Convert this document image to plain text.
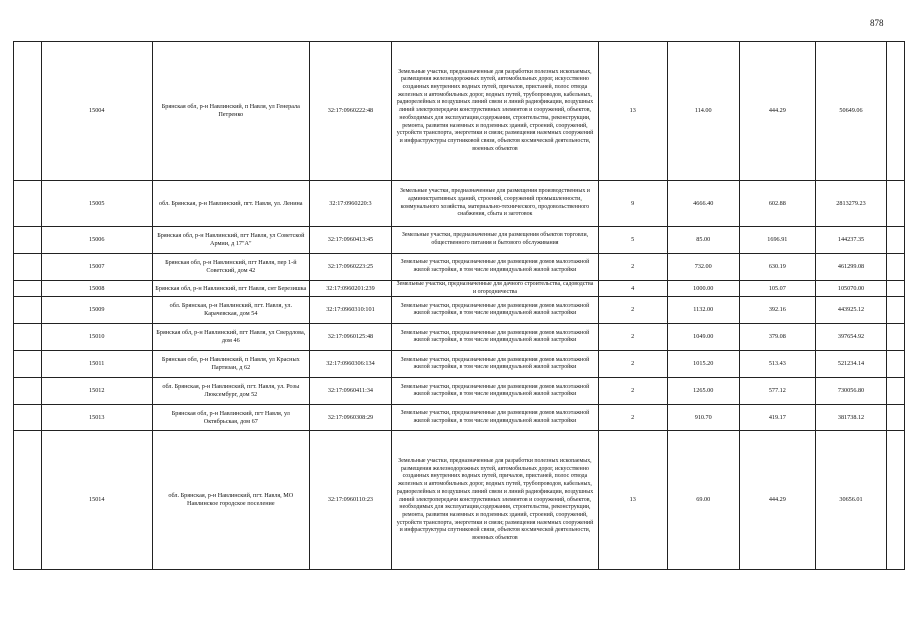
878
	15004	Брянская обл, р-н Навлинский, п Навля, ул Генерала Петренко	32:17:0960222:48	Земельные участки, предназначенные для разработки полезных ископаемых, размещения железнодорожных путей, автомобильных дорог, искусственно созданных внутренних водных путей, причалов, пристаней, полос отвода железных и автомобильных дорог, водных путей, трубопроводов, кабельных, радиорелейных и воздушных линий связи и линий радиофикации, воздушных линий электропередачи конструктивных элементов и сооружений, объектов, необходимых для эксплуатации,содержания, строительства, реконструкции, ремонта, развития наземных и подземных зданий, строений, сооружений, устройств транспорта, энергетики и связи; размещения наземных сооружений и инфраструктуры спутниковой связи, объектов космической деятельности, военных объектов	13	114.00	444.29	50649.06	
	15005	обл. Брянская, р-н Навлинский, пгт. Навля, ул. Ленина	32:17:0960220:3	Земельные участки, предназначенные для размещения производственных и административных зданий, строений, сооружений промышленности, коммунального хозяйства, материально-технического, продовольственного снабжения, сбыта и заготовок	9	4666.40	602.88	2813279.23	
	15006	Брянская обл, р-н Навлинский, пгт Навля, ул Советской Армии, д 17"А"	32:17:0960413:45	Земельные участки, предназначенные для размещения объектов торговли, общественного питания и бытового обслуживания	5	85.00	1696.91	144237.35	
	15007	Брянская обл, р-н Навлинский, пгт Навля, пер 1-й Советский, дом 42	32:17:0960223:25	Земельные участки, предназначенные для размещения домов малоэтажной жилой застройки, в том числе индивидуальной жилой застройки	2	732.00	630.19	461299.08	
	15008	Брянская обл, р-н Навлинский, пгт Навля, снт Березишка	32:17:0960201:239	Земельные участки, предназначенные для дачного строительства, садоводства и огородничества	4	1000.00	105.07	105070.00	
	15009	обл. Брянская, р-н Навлинский, пгт. Навля, ул. Карачевская, дом 54	32:17:0960310:101	Земельные участки, предназначенные для размещения домов малоэтажной жилой застройки, в том числе индивидуальной жилой застройки	2	1132.00	392.16	443925.12	
	15010	Брянская обл, р-н Навлинский, пгт Навля, ул Свердлова, дом 46	32:17:0960125:48	Земельные участки, предназначенные для размещения домов малоэтажной жилой застройки, в том числе индивидуальной жилой застройки	2	1049.00	379.08	397654.92	
	15011	Брянская обл, р-н Навлинский, п Навля, ул Красных Партизан, д 62	32:17:0960306:134	Земельные участки, предназначенные для размещения домов малоэтажной жилой застройки, в том числе индивидуальной жилой застройки	2	1015.20	513.43	521234.14	
	15012	обл. Брянская, р-н Навлинский, пгт. Навля, ул. Розы Люксембург, дом 52	32:17:0960411:34	Земельные участки, предназначенные для размещения домов малоэтажной жилой застройки, в том числе индивидуальной жилой застройки	2	1265.00	577.12	730056.80	
	15013	Брянская обл, р-н Навлинский, пгт Навля, ул Октябрьская, дом 67	32:17:0960308:29	Земельные участки, предназначенные для размещения домов малоэтажной жилой застройки, в том числе индивидуальной жилой застройки	2	910.70	419.17	381738.12	
	15014	обл. Брянская, р-н Навлинский, пгт. Навля, МО Навлинское городское поселение	32:17:0960110:23	Земельные участки, предназначенные для разработки полезных ископаемых, размещения железнодорожных путей, автомобильных дорог, искусственно созданных внутренних водных путей, причалов, пристаней, полос отвода железных и автомобильных дорог, водных путей, трубопроводов, кабельных, радиорелейных и воздушных линий связи и линий радиофикации, воздушных линий электропередачи конструктивных элементов и сооружений, объектов, необходимых для эксплуатации,содержания, строительства, реконструкции, ремонта, развития наземных и подземных зданий, строений, сооружений, устройств транспорта, энергетики и связи; размещения наземных сооружений и инфраструктуры спутниковой связи, объектов космической деятельности, военных объектов	13	69.00	444.29	30656.01	
